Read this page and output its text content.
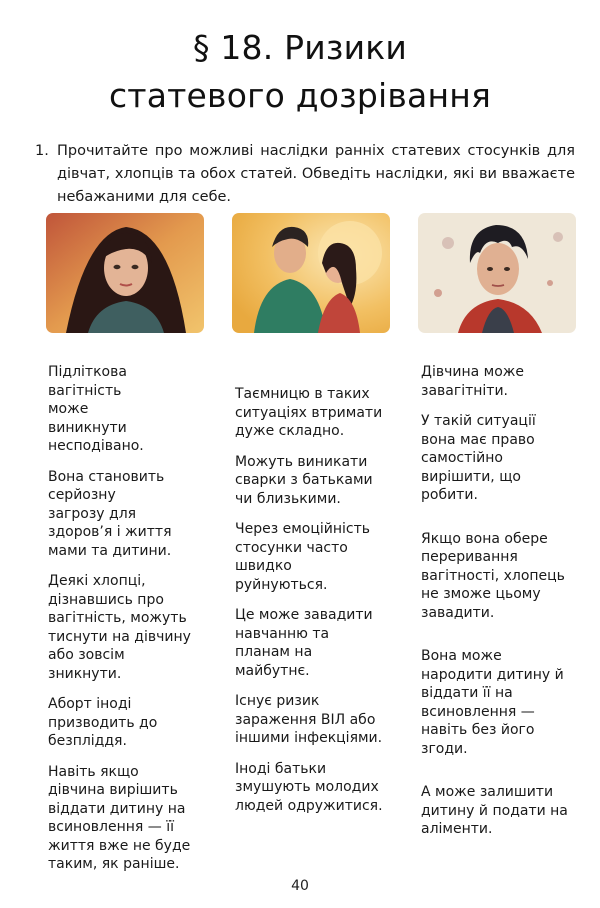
§ 18. Ризики
статевого дозрівання
1. Прочитайте про можливі наслідки ранніх статевих стосунків для дівчат, хлопців та обох статей. Обведіть наслідки, які ви вважаєте небажаними для себе.

Підліткова вагітність може виникнути несподівано.

Вона становить серйозну загрозу для здоров’я і життя мами та дитини.

Деякі хлопці, дізнавшись про вагітність, можуть тиснути на дівчину або зовсім зникнути.

Аборт іноді призводить до безпліддя.

Навіть якщо дівчина вирішить віддати дитину на всиновлення — її життя вже не буде таким, як раніше.

Таємницю в таких ситуаціях втримати дуже складно.

Можуть виникати сварки з батьками чи близькими.

Через емоційність стосунки часто швидко руйнуються.

Це може завадити навчанню та планам на майбутнє.

Існує ризик зараження ВІЛ або іншими інфекціями.

Іноді батьки змушують молодих людей одружитися.

Дівчина може завагітніти.

У такій ситуації вона має право самостійно вирішити, що робити.

Якщо вона обере переривання вагітності, хлопець не зможе цьому завадити.

Вона може народити дитину й віддати її на всиновлення — навіть без його згоди.

А може залишити дитину й подати на аліменти.

40
